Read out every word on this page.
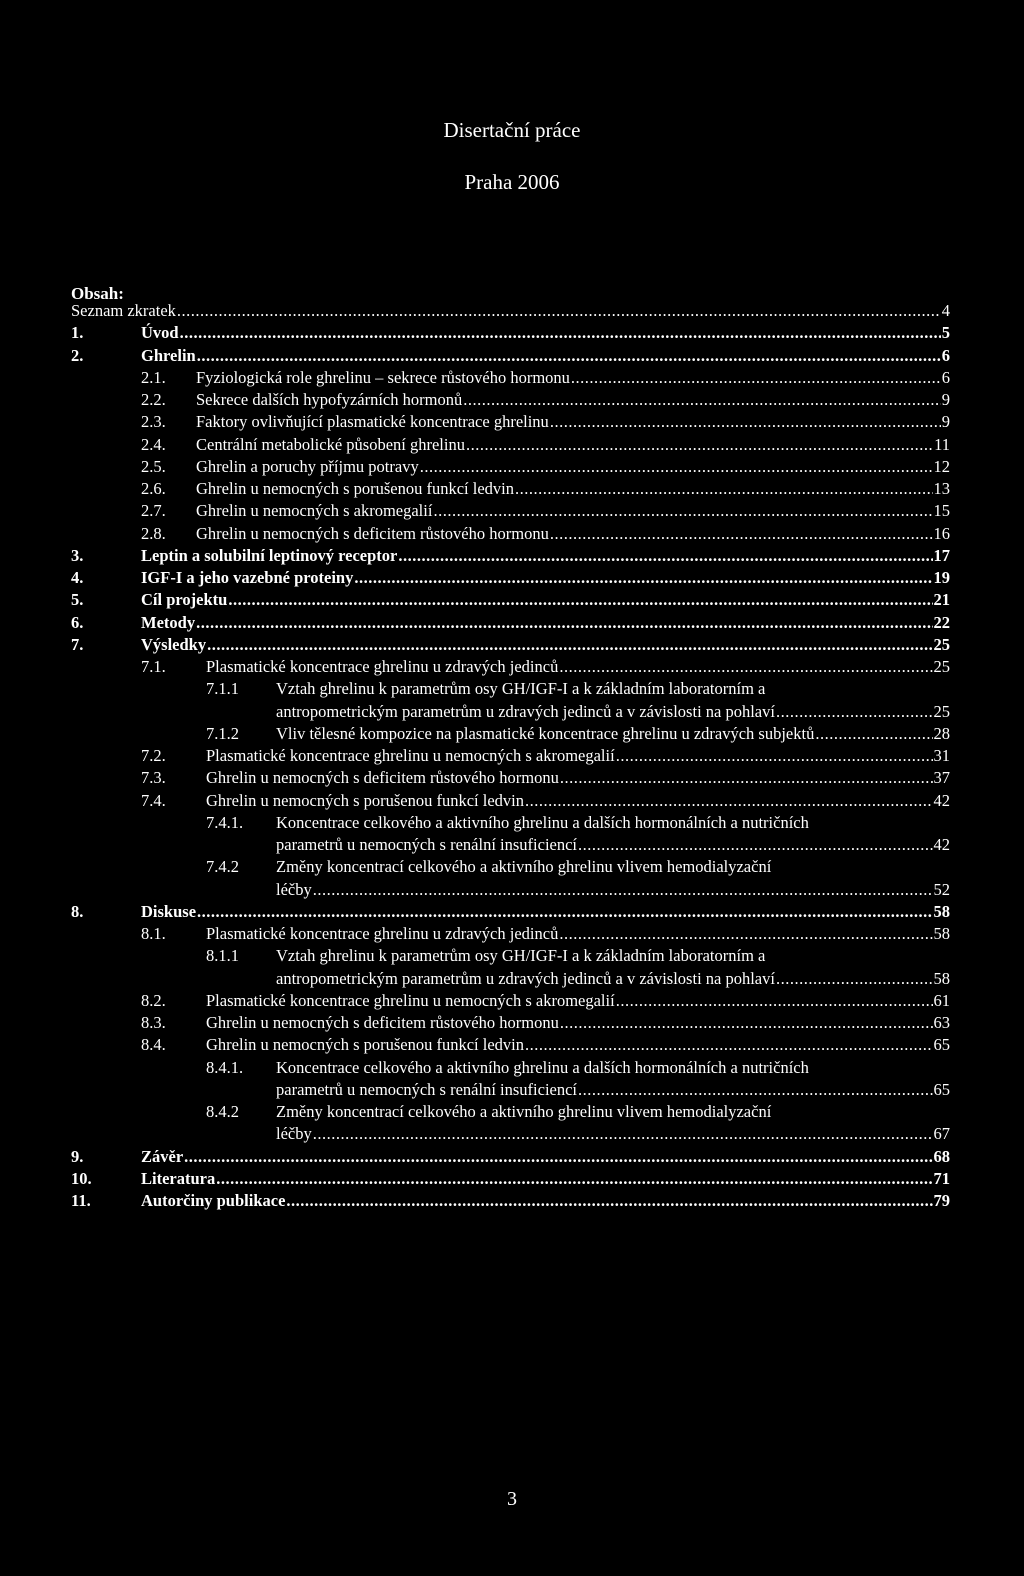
Disertační práce
Praha 2006
Obsah:
Seznam zkratek .....	4
1.	Úvod .....	5
2.	Ghrelin .....	6
2.1. Fyziologická role ghrelinu – sekrece růstového hormonu .....	6
2.2. Sekrece dalších hypofyzárních hormonů .....	9
2.3. Faktory ovlivňující plasmatické koncentrace ghrelinu .....	9
2.4. Centrální metabolické působení ghrelinu .....	11
2.5. Ghrelin a poruchy příjmu potravy .....	12
2.6. Ghrelin u nemocných s porušenou funkcí ledvin .....	13
2.7. Ghrelin u nemocných s akromegalií .....	15
2.8. Ghrelin u nemocných s deficitem růstového hormonu .....	16
3.	Leptin a solubilní leptinový receptor .....	17
4.	IGF-I a jeho vazebné proteiny .....	19
5.	Cíl projektu .....	21
6.	Metody .....	22
7.	Výsledky .....	25
7.1. Plasmatické koncentrace ghrelinu u zdravých jedinců .....	25
7.1.1 Vztah ghrelinu k parametrům osy GH/IGF-I a k základním laboratorním a
antropometrickým parametrům u zdravých jedinců a v závislosti na pohlaví .....	25
7.1.2 Vliv tělesné kompozice na plasmatické koncentrace ghrelinu u zdravých subjektů .....	28
7.2. Plasmatické koncentrace ghrelinu u nemocných s akromegalií .....	31
7.3. Ghrelin u nemocných s deficitem růstového hormonu .....	37
7.4. Ghrelin u nemocných s porušenou funkcí ledvin .....	42
7.4.1. Koncentrace celkového a aktivního ghrelinu a dalších hormonálních a nutričních
parametrů u nemocných s renální insuficiencí .....	42
7.4.2 Změny koncentrací celkového a aktivního ghrelinu vlivem hemodialyzační
léčby .....	52
8.	Diskuse .....	58
8.1. Plasmatické koncentrace ghrelinu u zdravých jedinců .....	58
8.1.1 Vztah ghrelinu k parametrům osy GH/IGF-I a k základním laboratorním a
antropometrickým parametrům u zdravých jedinců a v závislosti na pohlaví .....	58
8.2. Plasmatické koncentrace ghrelinu u nemocných s akromegalií .....	61
8.3. Ghrelin u nemocných s deficitem růstového hormonu .....	63
8.4. Ghrelin u nemocných s porušenou funkcí ledvin .....	65
8.4.1. Koncentrace celkového a aktivního ghrelinu a dalších hormonálních a nutričních
parametrů u nemocných s renální insuficiencí .....	65
8.4.2 Změny koncentrací celkového a aktivního ghrelinu vlivem hemodialyzační
léčby .....	67
9.	Závěr .....	68
10.	Literatura .....	71
11.	Autorčiny publikace .....	79
3
